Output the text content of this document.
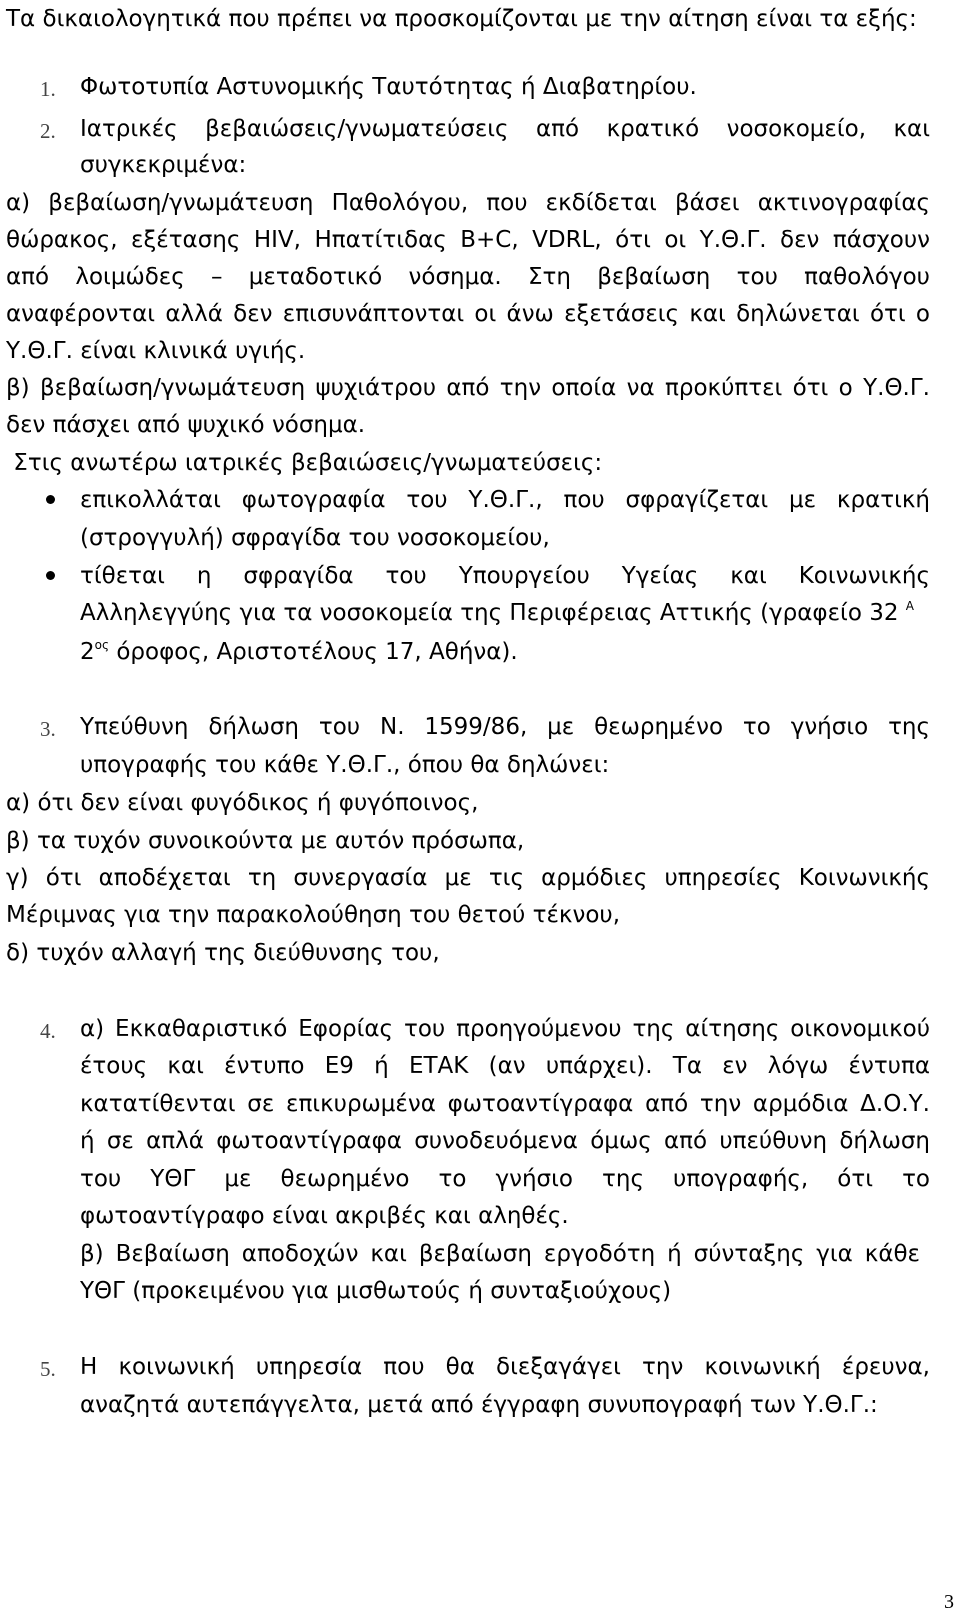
Τα δικαιολογητικά που πρέπει να προσκομίζονται με την αίτηση είναι τα εξής:
1. Φωτοτυπία Αστυνομικής Ταυτότητας ή Διαβατηρίου.
2. Ιατρικές βεβαιώσεις/γνωματεύσεις από κρατικό νοσοκομείο, και
συγκεκριμένα:
α) βεβαίωση/γνωμάτευση Παθολόγου, που εκδίδεται βάσει ακτινογραφίας
θώρακος, εξέτασης HIV, Ηπατίτιδας Β+C, VDRL, ότι οι Υ.Θ.Γ. δεν πάσχουν
από λοιμώδες – μεταδοτικό νόσημα. Στη βεβαίωση του παθολόγου
αναφέρονται αλλά δεν επισυνάπτονται οι άνω εξετάσεις και δηλώνεται ότι ο
Υ.Θ.Γ. είναι κλινικά υγιής.
β) βεβαίωση/γνωμάτευση ψυχιάτρου από την οποία να προκύπτει ότι ο Υ.Θ.Γ.
δεν πάσχει από ψυχικό νόσημα.
Στις ανωτέρω ιατρικές βεβαιώσεις/γνωματεύσεις:
επικολλάται φωτογραφία του Υ.Θ.Γ., που σφραγίζεται με κρατική
(στρογγυλή) σφραγίδα του νοσοκομείου,
τίθεται η σφραγίδα του Υπουργείου Υγείας και Κοινωνικής
Αλληλεγγύης για τα νοσοκομεία της Περιφέρειας Αττικής (γραφείο 32 $^A$
$2^{o\varsigma}$ όροφος, Αριστοτέλους 17, Αθήνα).
3. Υπεύθυνη δήλωση του Ν. 1599/86, με θεωρημένο το γνήσιο της
υπογραφής του κάθε Υ.Θ.Γ., όπου θα δηλώνει:
α) ότι δεν είναι φυγόδικος ή φυγόποινος,
β) τα τυχόν συνοικούντα με αυτόν πρόσωπα,
γ) ότι αποδέχεται τη συνεργασία με τις αρμόδιες υπηρεσίες Κοινωνικής
Μέριμνας για την παρακολούθηση του θετού τέκνου,
δ) τυχόν αλλαγή της διεύθυνσης του,
4. α) Εκκαθαριστικό Εφορίας του προηγούμενου της αίτησης οικονομικού
έτους και έντυπο Ε9 ή ΕΤΑΚ (αν υπάρχει). Τα εν λόγω έντυπα
κατατίθενται σε επικυρωμένα φωτοαντίγραφα από την αρμόδια Δ.Ο.Υ.
ή σε απλά φωτοαντίγραφα συνοδευόμενα όμως από υπεύθυνη δήλωση
του ΥΘΓ με θεωρημένο το γνήσιο της υπογραφής, ότι το
φωτοαντίγραφο είναι ακριβές και αληθές.
β) Βεβαίωση αποδοχών και βεβαίωση εργοδότη ή σύνταξης για κάθε
ΥΘΓ (προκειμένου για μισθωτούς ή συνταξιούχους)
5. Η κοινωνική υπηρεσία που θα διεξαγάγει την κοινωνική έρευνα,
αναζητά αυτεπάγγελτα, μετά από έγγραφη συνυπογραφή των Υ.Θ.Γ.:
3
